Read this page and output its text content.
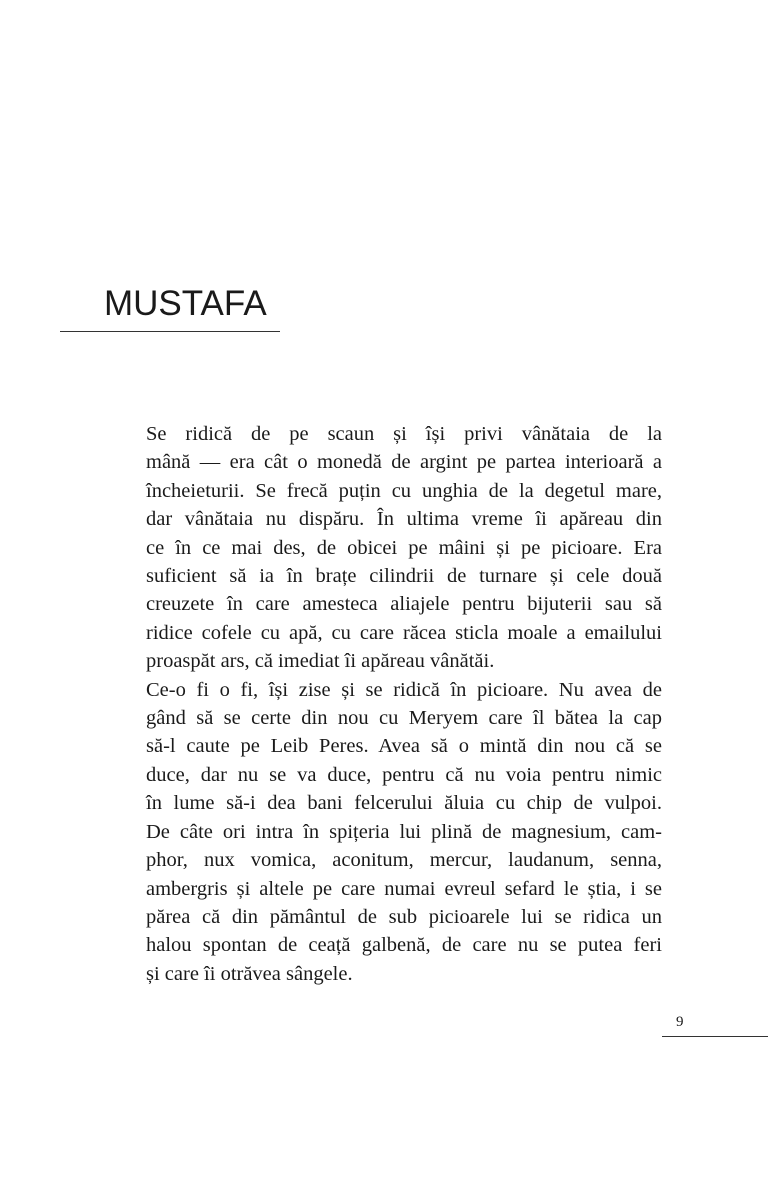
MUSTAFA

Se ridică de pe scaun și își privi vânătaia de la
mână — era cât o monedă de argint pe partea interioară a
încheieturii. Se frecă puțin cu unghia de la degetul mare,
dar vânătaia nu dispăru. În ultima vreme îi apăreau din
ce în ce mai des, de obicei pe mâini și pe picioare. Era
suficient să ia în brațe cilindrii de turnare și cele două
creuzete în care amesteca aliajele pentru bijuterii sau să
ridice cofele cu apă, cu care răcea sticla moale a emailului
proaspăt ars, că imediat îi apăreau vânătăi.

Ce-o fi o fi, își zise și se ridică în picioare. Nu avea de
gând să se certe din nou cu Meryem care îl bătea la cap
să-l caute pe Leib Peres. Avea să o mintă din nou că se
duce, dar nu se va duce, pentru că nu voia pentru nimic
în lume să-i dea bani felcerului ăluia cu chip de vulpoi.
De câte ori intra în spițeria lui plină de magnesium, cam-
phor, nux vomica, aconitum, mercur, laudanum, senna,
ambergris și altele pe care numai evreul sefard le știa, i se
părea că din pământul de sub picioarele lui se ridica un
halou spontan de ceață galbenă, de care nu se putea feri
și care îi otrăvea sângele.

9
